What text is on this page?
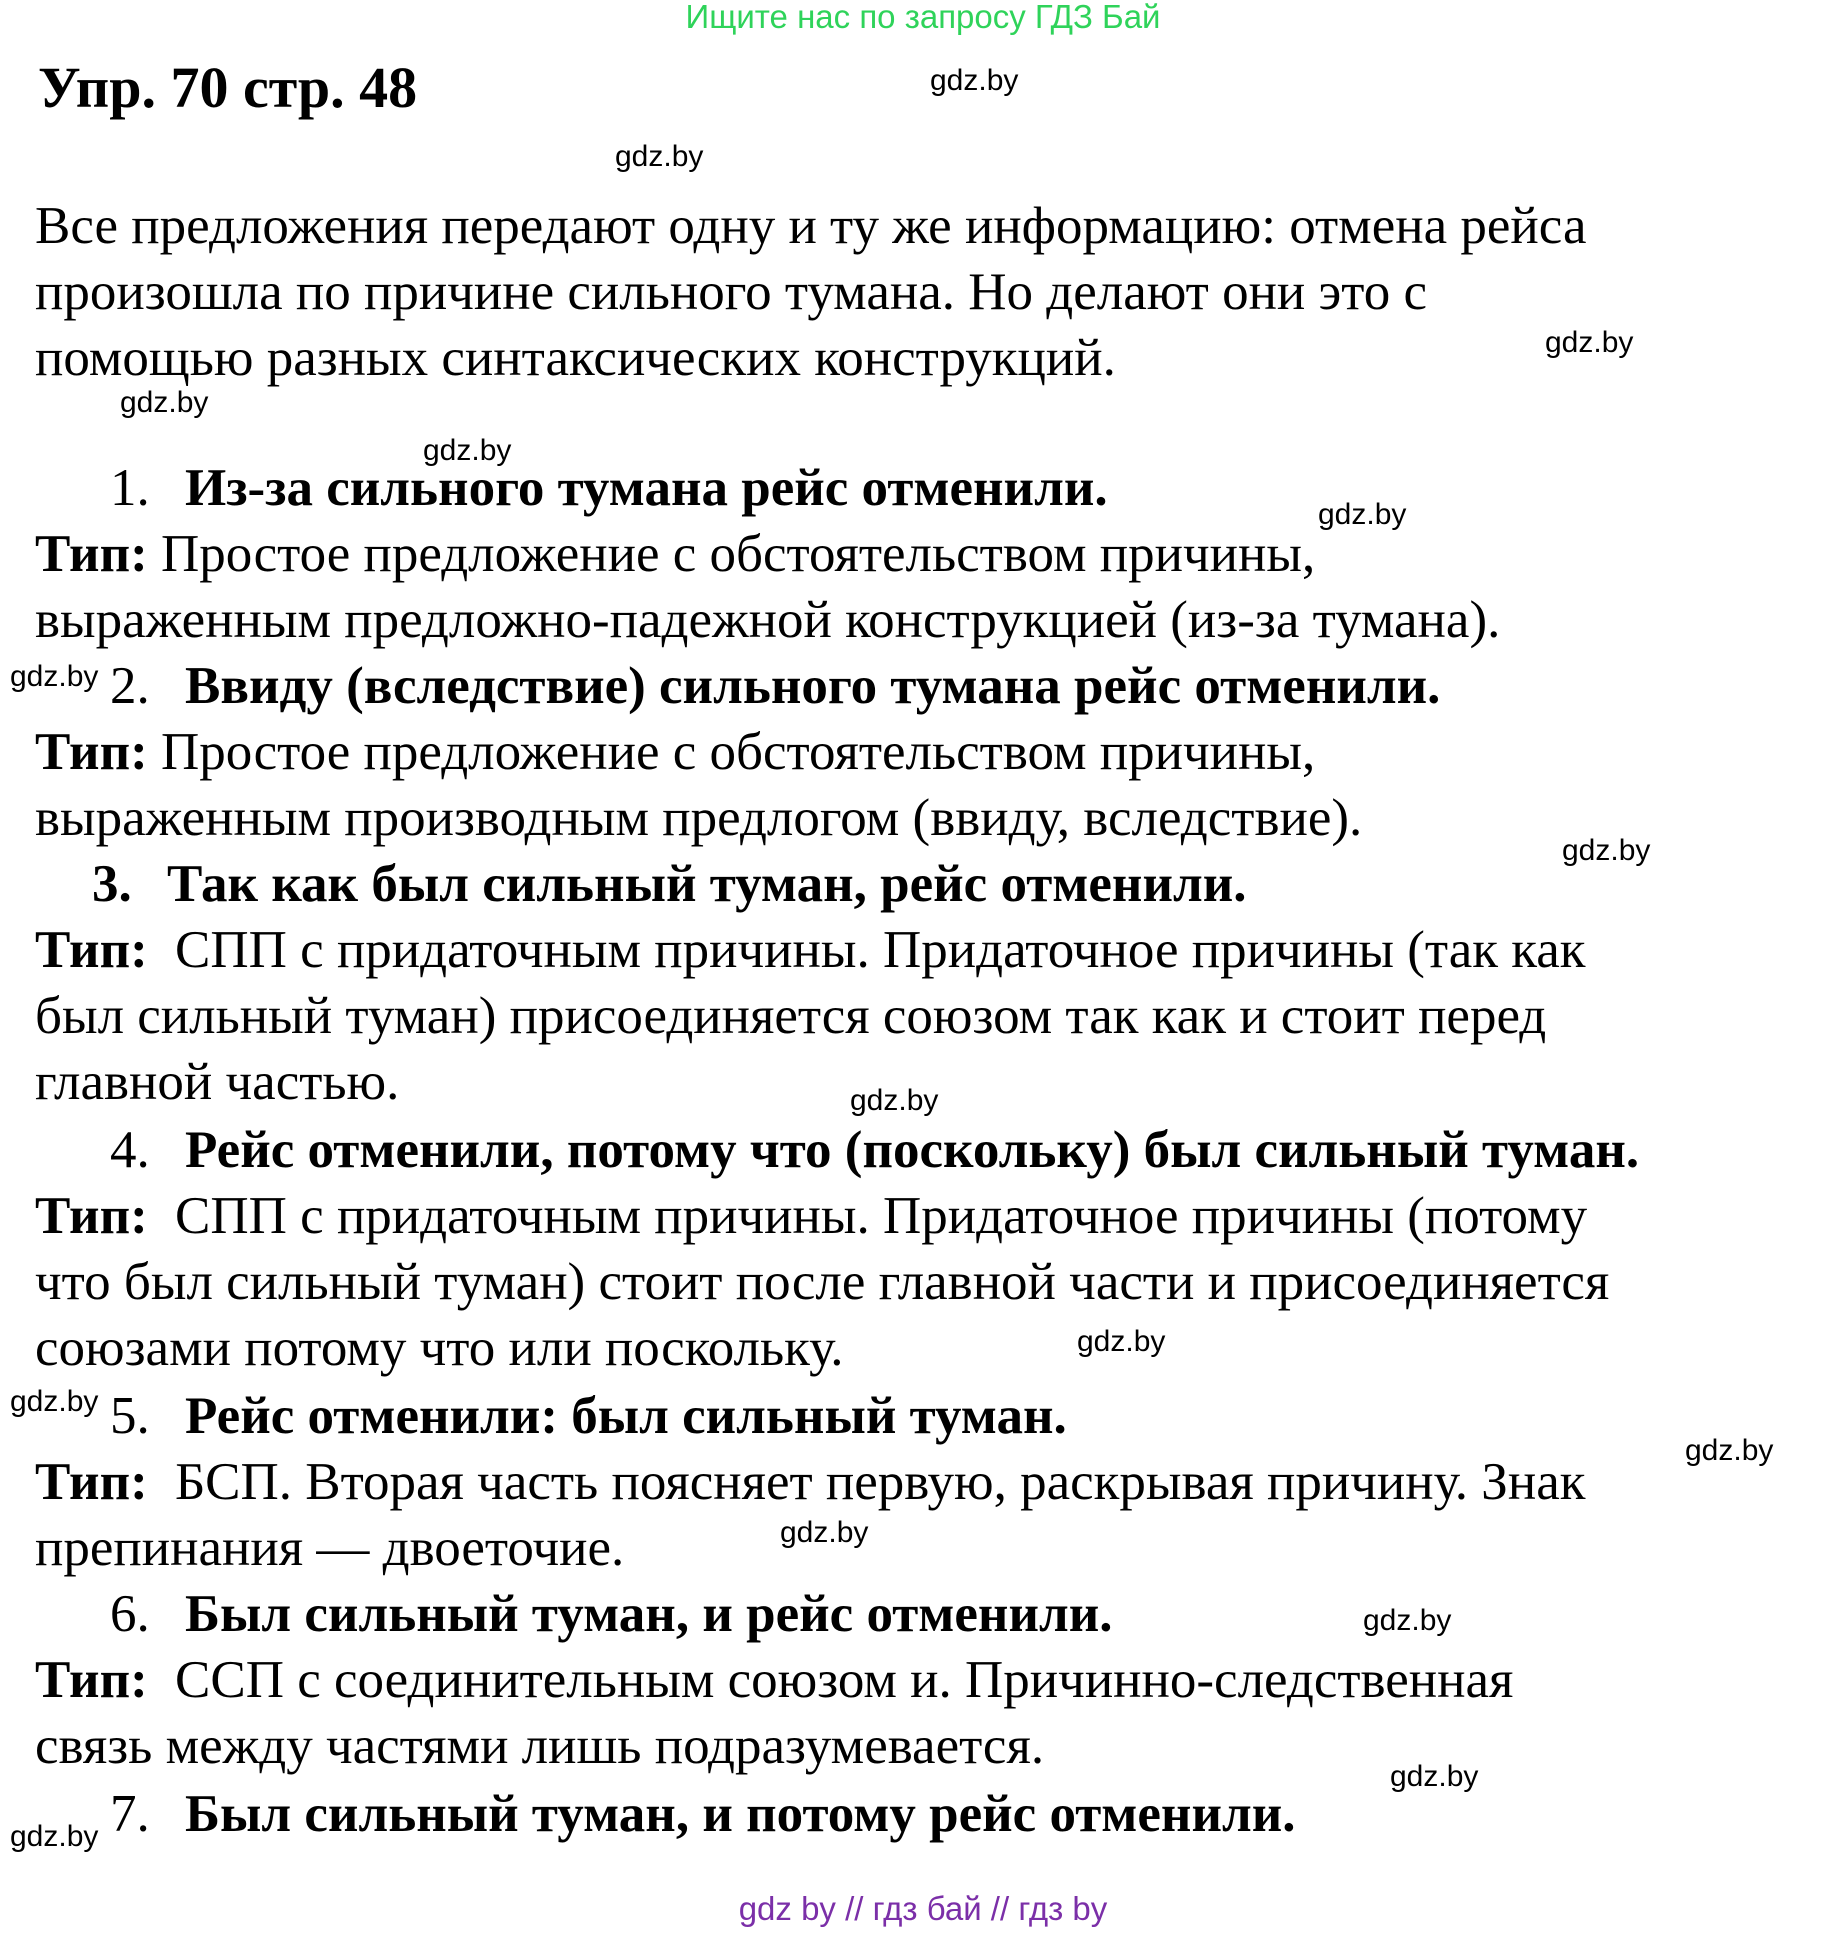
Ищите нас по запросу ГДЗ Бай
Упр. 70 стр. 48
Все предложения передают одну и ту же информацию: отмена рейса
произошла по причине сильного тумана. Но делают они это с
помощью разных синтаксических конструкций.
1. Из-за сильного тумана рейс отменили.
Тип: Простое предложение с обстоятельством причины,
выраженным предложно-падежной конструкцией (из-за тумана).
2. Ввиду (вследствие) сильного тумана рейс отменили.
Тип: Простое предложение с обстоятельством причины,
выраженным производным предлогом (ввиду, вследствие).
3. Так как был сильный туман, рейс отменили.
Тип: СПП с придаточным причины. Придаточное причины (так как
был сильный туман) присоединяется союзом так как и стоит перед
главной частью.
4. Рейс отменили, потому что (поскольку) был сильный туман.
Тип: СПП с придаточным причины. Придаточное причины (потому
что был сильный туман) стоит после главной части и присоединяется
союзами потому что или поскольку.
5. Рейс отменили: был сильный туман.
Тип: БСП. Вторая часть поясняет первую, раскрывая причину. Знак
препинания — двоеточие.
6. Был сильный туман, и рейс отменили.
Тип: ССП с соединительным союзом и. Причинно-следственная
связь между частями лишь подразумевается.
7. Был сильный туман, и потому рейс отменили.
gdz.by
gdz.by
gdz.by
gdz.by
gdz.by
gdz.by
gdz.by
gdz.by
gdz.by
gdz.by
gdz.by
gdz.by
gdz.by
gdz.by
gdz.by
gdz.by
gdz by // гдз бай // гдз by
